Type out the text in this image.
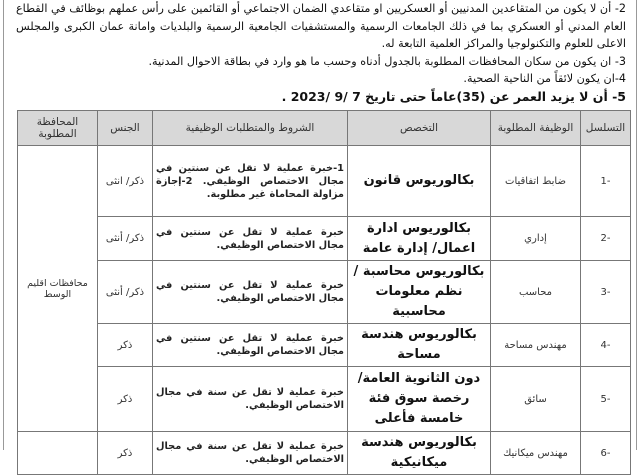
2- أن لا يكون من المتقاعدين المدنيين أو العسكريين او متقاعدي الضمان الاجتماعي أو القائمين على رأس عملهم بوظائف في القطاع العام المدني أو العسكري بما في ذلك الجامعات الرسمية والمستشفيات الجامعية الرسمية والبلديات وامانة عمان الكبرى والمجلس الاعلى للعلوم والتكنولوجيا والمراكز العلمية التابعة له.

3- ان يكون من سكان المحافظات المطلوبة بالجدول أدناه وحسب ما هو وارد في بطاقة الاحوال المدنية.

4-ان يكون لائقاً من الناحية الصحية.

5- أن لا يزيد العمر عن (35)عاماً حتى تاريخ 7 /9 /2023 .

التسلسل	الوظيفة المطلوبة	التخصص	الشروط والمتطلبات الوظيفية	الجنس	المحافظة المطلوبة
-1	ضابط اتفاقيات	بكالوريوس قانون	1-خبرة عملية لا تقل عن سنتين في مجال الاختصاص الوظيفي. 2-إجازة مزاولة المحاماة غير مطلوبة.	ذكر/ انثى	محافظات اقليم الوسط
-2	إداري	بكالوريوس ادارة اعمال/ إدارة عامة	خبرة عملية لا تقل عن سنتين في مجال الاختصاص الوظيفي.	ذكر/ أنثى	
-3	محاسب	بكالوريوس محاسبة / نظم معلومات محاسبية	خبرة عملية لا تقل عن سنتين في مجال الاختصاص الوظيفي.	ذكر/ أنثى	
-4	مهندس مساحة	بكالوريوس هندسة مساحة	خبرة عملية لا تقل عن سنتين في مجال الاختصاص الوظيفي.	ذكر	
-5	سائق	دون الثانوية العامة/ رخصة سوق فئة خامسة فأعلى	خبرة عملية لا تقل عن سنة في مجال الاختصاص الوظيفي.	ذكر	
-6	مهندس ميكانيك	بكالوريوس هندسة ميكانيكية	خبرة عملية لا تقل عن سنة في مجال الاختصاص الوظيفي.	ذكر	
